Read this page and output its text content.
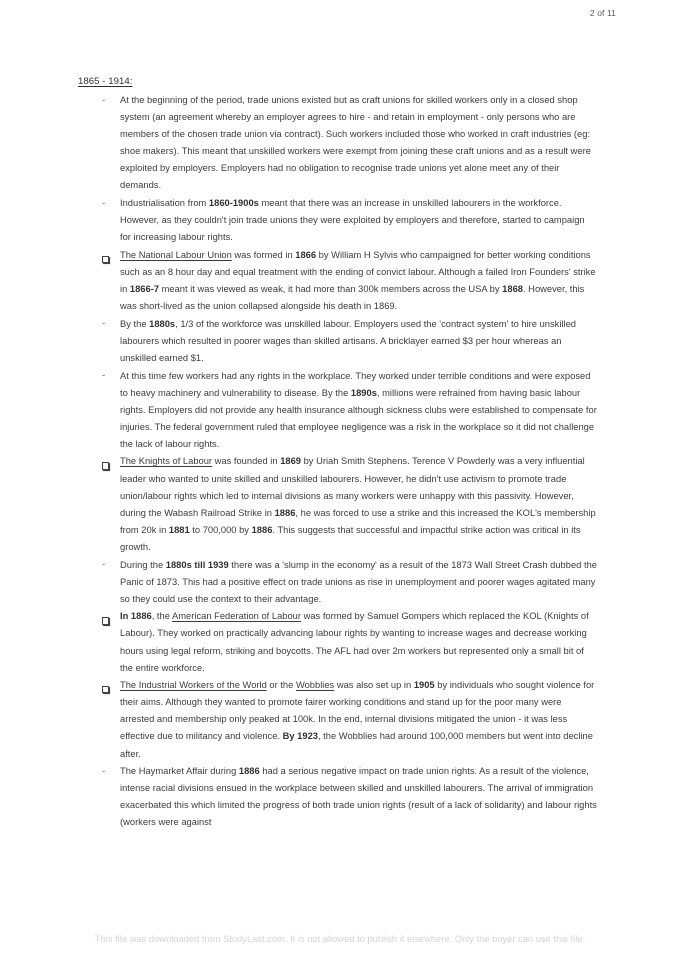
2 of 11
1865 - 1914:
-
At the beginning of the period, trade unions existed but as craft unions for skilled workers only in a closed shop system (an agreement whereby an employer agrees to hire - and retain in employment - only persons who are members of the chosen trade union via contract). Such workers included those who worked in craft industries (eg: shoe makers). This meant that unskilled workers were exempt from joining these craft unions and as a result were exploited by employers. Employers had no obligation to recognise trade unions yet alone meet any of their demands.
-
Industrialisation from 1860-1900s meant that there was an increase in unskilled labourers in the workforce. However, as they couldn't join trade unions they were exploited by employers and therefore, started to campaign for increasing labour rights.
The National Labour Union was formed in 1866 by William H Sylvis who campaigned for better working conditions such as an 8 hour day and equal treatment with the ending of convict labour. Although a failed Iron Founders' strike in 1866-7 meant it was viewed as weak, it had more than 300k members across the USA by 1868. However, this was short-lived as the union collapsed alongside his death in 1869.
-
By the 1880s, 1/3 of the workforce was unskilled labour. Employers used the 'contract system' to hire unskilled labourers which resulted in poorer wages than skilled artisans. A bricklayer earned $3 per hour whereas an unskilled earned $1.
-
At this time few workers had any rights in the workplace. They worked under terrible conditions and were exposed to heavy machinery and vulnerability to disease. By the 1890s, millions were refrained from having basic labour rights. Employers did not provide any health insurance although sickness clubs were established to compensate for injuries. The federal government ruled that employee negligence was a risk in the workplace so it did not challenge the lack of labour rights.
The Knights of Labour was founded in 1869 by Uriah Smith Stephens. Terence V Powderly was a very influential leader who wanted to unite skilled and unskilled labourers. However, he didn't use activism to promote trade union/labour rights which led to internal divisions as many workers were unhappy with this passivity. However, during the Wabash Railroad Strike in 1886, he was forced to use a strike and this increased the KOL's membership from 20k in 1881 to 700,000 by 1886. This suggests that successful and impactful strike action was critical in its growth.
-
During the 1880s till 1939 there was a 'slump in the economy' as a result of the 1873 Wall Street Crash dubbed the Panic of 1873. This had a positive effect on trade unions as rise in unemployment and poorer wages agitated many so they could use the context to their advantage.
In 1886, the American Federation of Labour was formed by Samuel Gompers which replaced the KOL (Knights of Labour). They worked on practically advancing labour rights by wanting to increase wages and decrease working hours using legal reform, striking and boycotts. The AFL had over 2m workers but represented only a small bit of the entire workforce.
The Industrial Workers of the World or the Wobblies was also set up in 1905 by individuals who sought violence for their aims. Although they wanted to promote fairer working conditions and stand up for the poor many were arrested and membership only peaked at 100k. In the end, internal divisions mitigated the union - it was less effective due to militancy and violence. By 1923, the Wobblies had around 100,000 members but went into decline after.
-
The Haymarket Affair during 1886 had a serious negative impact on trade union rights. As a result of the violence, intense racial divisions ensued in the workplace between skilled and unskilled labourers. The arrival of immigration exacerbated this which limited the progress of both trade union rights (result of a lack of solidarity) and labour rights (workers were against
This file was downloaded from StudyLast.com. It is not allowed to publish it elsewhere. Only the buyer can use this file.
